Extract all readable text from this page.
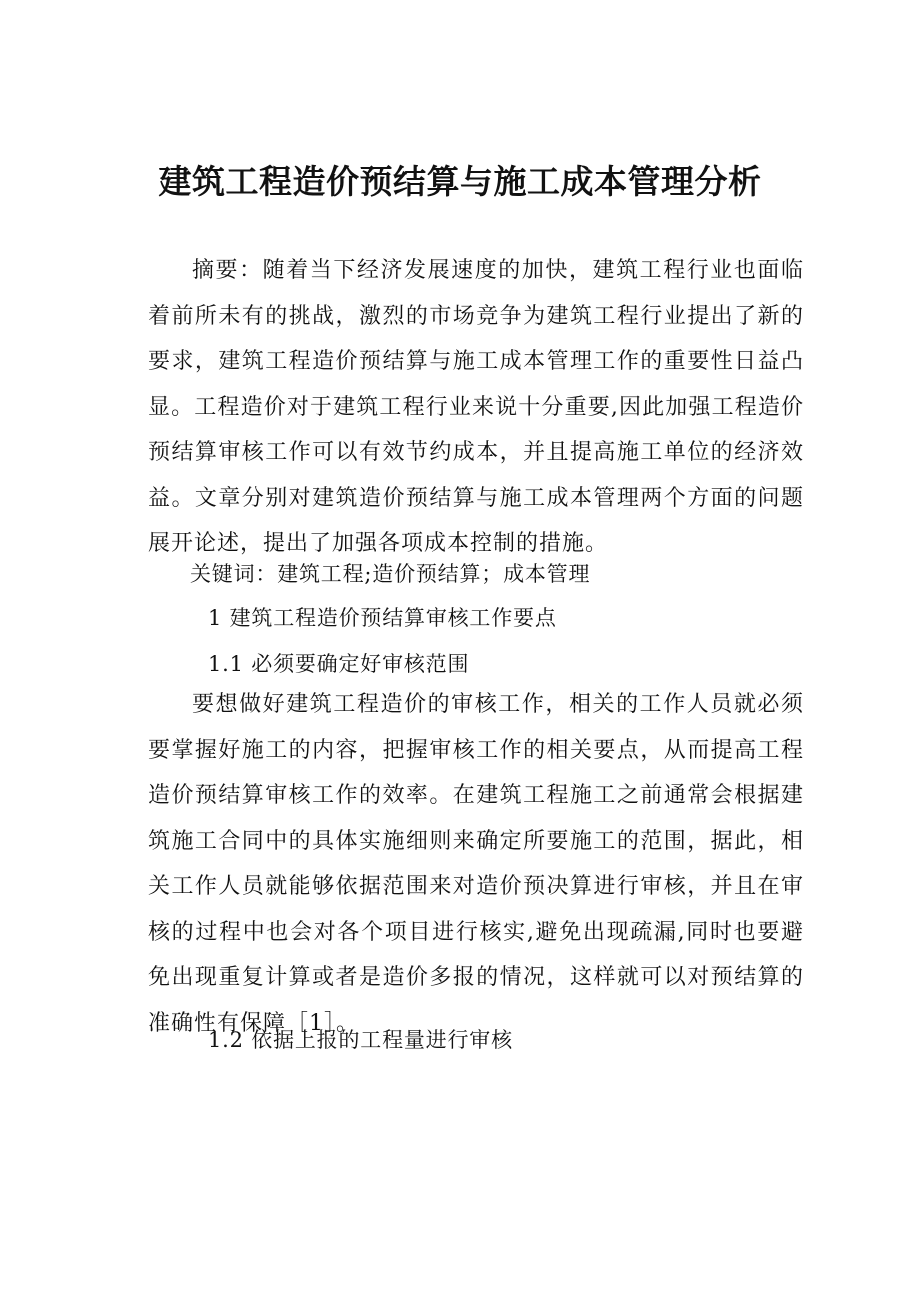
建筑工程造价预结算与施工成本管理分析

摘要：随着当下经济发展速度的加快，建筑工程行业也面临着前所未有的挑战，激烈的市场竞争为建筑工程行业提出了新的要求，建筑工程造价预结算与施工成本管理工作的重要性日益凸显。工程造价对于建筑工程行业来说十分重要,因此加强工程造价预结算审核工作可以有效节约成本，并且提高施工单位的经济效益。文章分别对建筑造价预结算与施工成本管理两个方面的问题展开论述，提出了加强各项成本控制的措施。

关键词：建筑工程;造价预结算；成本管理

1 建筑工程造价预结算审核工作要点

1.1 必须要确定好审核范围

要想做好建筑工程造价的审核工作，相关的工作人员就必须要掌握好施工的内容，把握审核工作的相关要点，从而提高工程造价预结算审核工作的效率。在建筑工程施工之前通常会根据建筑施工合同中的具体实施细则来确定所要施工的范围，据此，相关工作人员就能够依据范围来对造价预决算进行审核，并且在审核的过程中也会对各个项目进行核实,避免出现疏漏,同时也要避免出现重复计算或者是造价多报的情况，这样就可以对预结算的准确性有保障［1］。

1.2 依据上报的工程量进行审核
